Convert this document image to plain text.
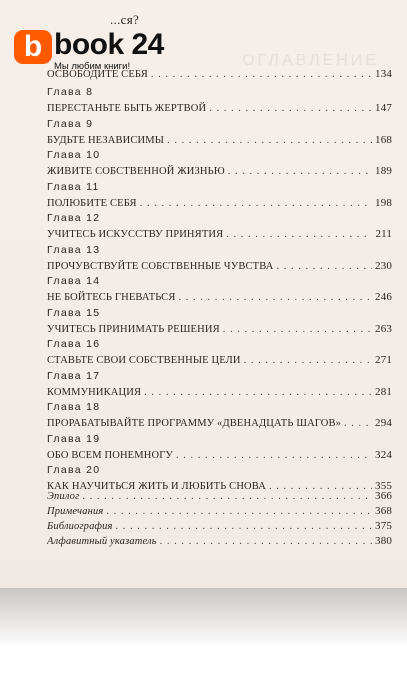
ОГЛАВЛЕНИЕ
...ся?
b book 24
Мы любим книги!
ОСВОБОДИТЕ СЕБЯ . . .	134
Глава 8
ПЕРЕСТАНЬТЕ БЫТЬ ЖЕРТВОЙ . . .	147
Глава 9
БУДЬТЕ НЕЗАВИСИМЫ . . .	168
Глава 10
ЖИВИТЕ СОБСТВЕННОЙ ЖИЗНЬЮ . . .	189
Глава 11
ПОЛЮБИТЕ СЕБЯ . . .	198
Глава 12
УЧИТЕСЬ ИСКУССТВУ ПРИНЯТИЯ . . .	211
Глава 13
ПРОЧУВСТВУЙТЕ СОБСТВЕННЫЕ ЧУВСТВА . . .	230
Глава 14
НЕ БОЙТЕСЬ ГНЕВАТЬСЯ . . .	246
Глава 15
УЧИТЕСЬ ПРИНИМАТЬ РЕШЕНИЯ . . .	263
Глава 16
СТАВЬТЕ СВОИ СОБСТВЕННЫЕ ЦЕЛИ . . .	271
Глава 17
КОММУНИКАЦИЯ . . .	281
Глава 18
ПРОРАБАТЫВАЙТЕ ПРОГРАММУ «ДВЕНАДЦАТЬ ШАГОВ» . . .	294
Глава 19
ОБО ВСЕМ ПОНЕМНОГУ . . .	324
Глава 20
КАК НАУЧИТЬСЯ ЖИТЬ И ЛЮБИТЬ СНОВА . . .	355
Эпилог . . .	366
Примечания . . .	368
Библиография . . .	375
Алфавитный указатель . . .	380
